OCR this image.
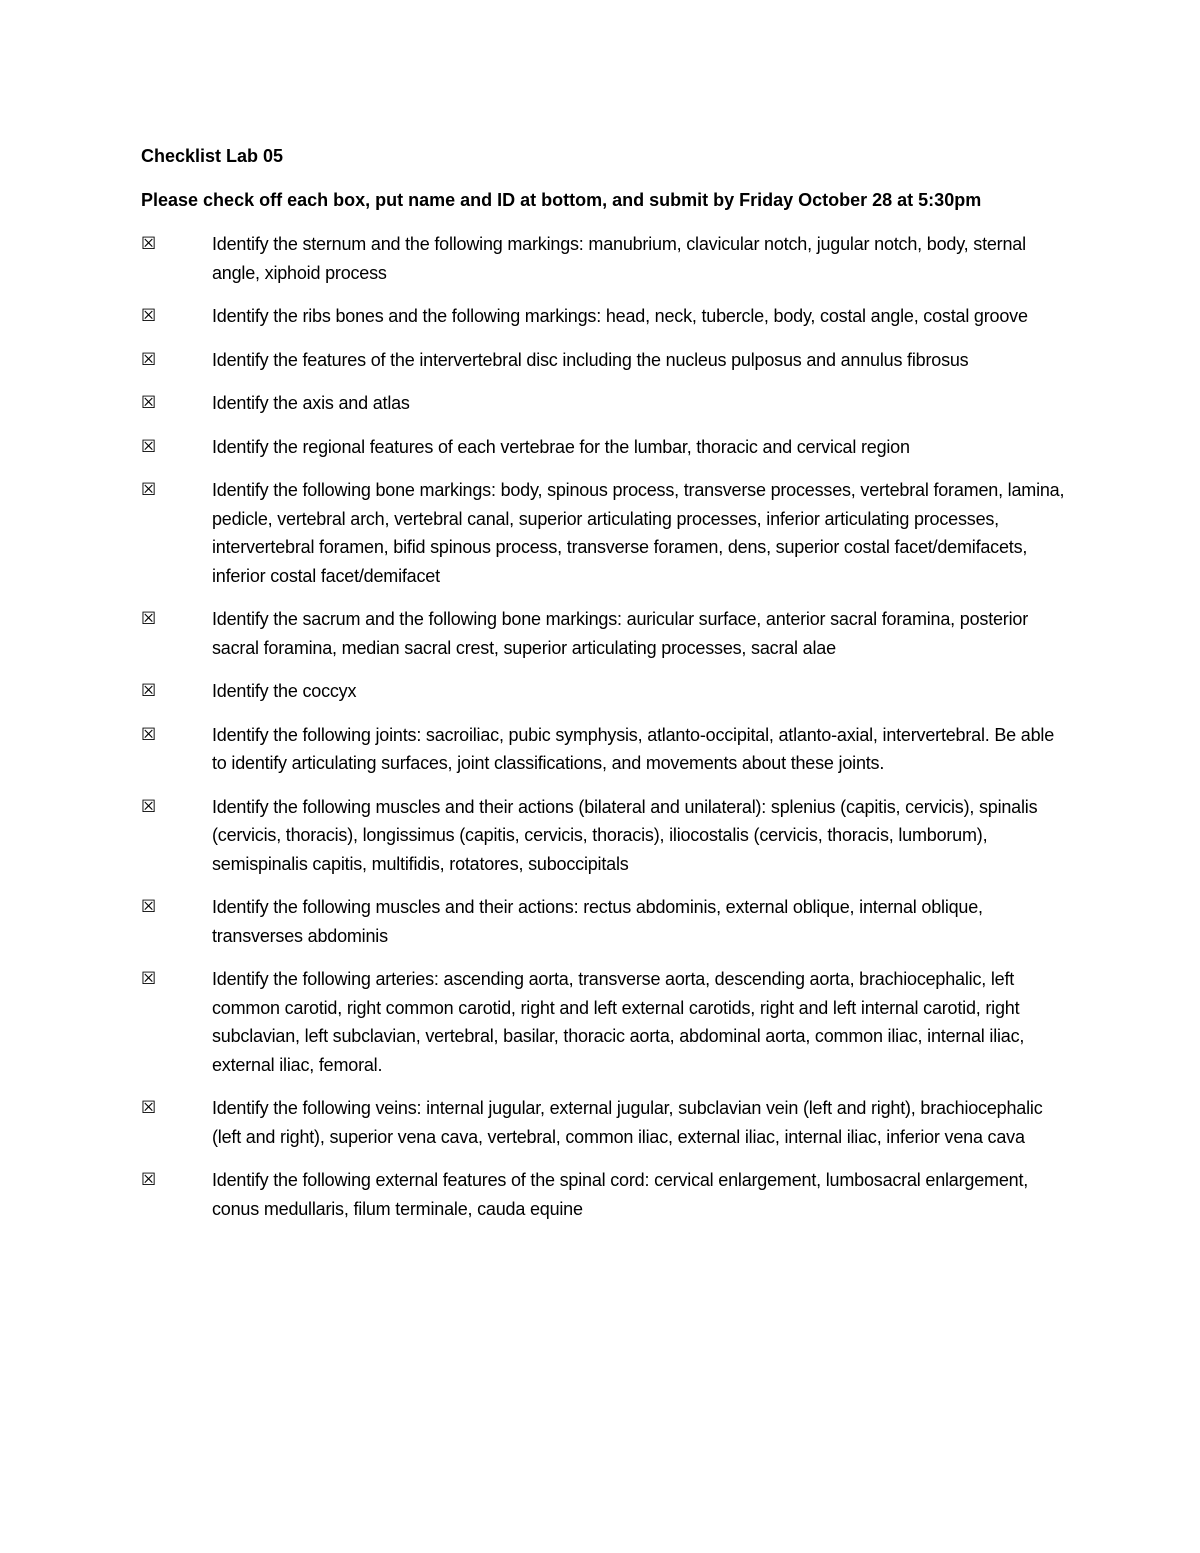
Checklist Lab 05
Please check off each box, put name and ID at bottom, and submit by Friday October 28 at 5:30pm
☒	Identify the sternum and the following markings: manubrium, clavicular notch, jugular notch, body, sternal angle, xiphoid process
☒	Identify the ribs bones and the following markings: head, neck, tubercle, body, costal angle, costal groove
☒	Identify the features of the intervertebral disc including the nucleus pulposus and annulus fibrosus
☒	Identify the axis and atlas
☒	Identify the regional features of each vertebrae for the lumbar, thoracic and cervical region
☒	Identify the following bone markings: body, spinous process, transverse processes, vertebral foramen, lamina, pedicle, vertebral arch, vertebral canal, superior articulating processes, inferior articulating processes, intervertebral foramen, bifid spinous process, transverse foramen, dens, superior costal facet/demifacets, inferior costal facet/demifacet
☒	Identify the sacrum and the following bone markings: auricular surface, anterior sacral foramina, posterior sacral foramina, median sacral crest, superior articulating processes, sacral alae
☒	Identify the coccyx
☒	Identify the following joints: sacroiliac, pubic symphysis, atlanto-occipital, atlanto-axial, intervertebral. Be able to identify articulating surfaces, joint classifications, and movements about these joints.
☒	Identify the following muscles and their actions (bilateral and unilateral): splenius (capitis, cervicis), spinalis (cervicis, thoracis), longissimus (capitis, cervicis, thoracis), iliocostalis (cervicis, thoracis, lumborum), semispinalis capitis, multifidis, rotatores, suboccipitals
☒	Identify the following muscles and their actions: rectus abdominis, external oblique, internal oblique, transverses abdominis
☒	Identify the following arteries: ascending aorta, transverse aorta, descending aorta, brachiocephalic, left common carotid, right common carotid, right and left external carotids, right and left internal carotid, right subclavian, left subclavian, vertebral, basilar, thoracic aorta, abdominal aorta, common iliac, internal iliac, external iliac, femoral.
☒	Identify the following veins: internal jugular, external jugular, subclavian vein (left and right), brachiocephalic (left and right), superior vena cava, vertebral, common iliac, external iliac, internal iliac, inferior vena cava
☒	Identify the following external features of the spinal cord: cervical enlargement, lumbosacral enlargement, conus medullaris, filum terminale, cauda equine
